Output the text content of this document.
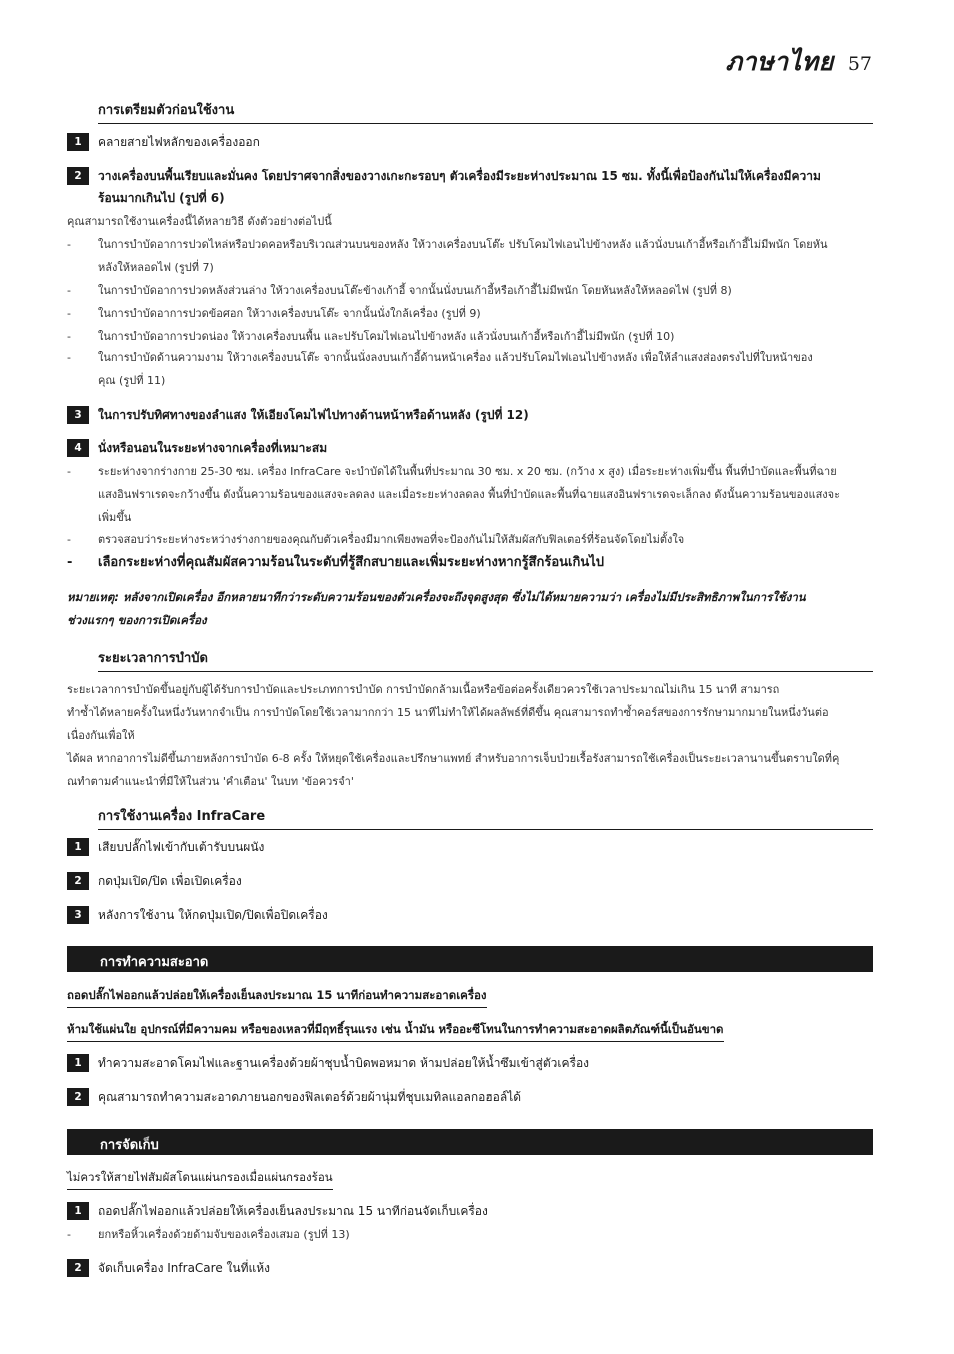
ภาษาไทย 57
การเตรียมตัวก่อนใช้งาน
1	คลายสายไฟหลักของเครื่องออก
2	วางเครื่องบนพื้นเรียบและมั่นคง โดยปราศจากสิ่งของวางเกะกะรอบๆ ตัวเครื่องมีระยะห่างประมาณ 15 ซม. ทั้งนี้เพื่อป้องกันไม่ให้เครื่องมีความ
ร้อนมากเกินไป (รูปที่ 6)
คุณสามารถใช้งานเครื่องนี้ได้หลายวิธี ดังตัวอย่างต่อไปนี้
-	ในการบำบัดอาการปวดไหล่หรือปวดคอหรือบริเวณส่วนบนของหลัง ให้วางเครื่องบนโต๊ะ ปรับโคมไฟเอนไปข้างหลัง แล้วนั่งบนเก้าอี้หรือเก้าอี้ไม่มีพนัก โดยหัน
หลังให้หลอดไฟ (รูปที่ 7)
-	ในการบำบัดอาการปวดหลังส่วนล่าง ให้วางเครื่องบนโต๊ะข้างเก้าอี้ จากนั้นนั่งบนเก้าอี้หรือเก้าอี้ไม่มีพนัก โดยหันหลังให้หลอดไฟ (รูปที่ 8)
-	ในการบำบัดอาการปวดข้อศอก ให้วางเครื่องบนโต๊ะ จากนั้นนั่งใกล้เครื่อง (รูปที่ 9)
-	ในการบำบัดอาการปวดน่อง ให้วางเครื่องบนพื้น และปรับโคมไฟเอนไปข้างหลัง แล้วนั่งบนเก้าอี้หรือเก้าอี้ไม่มีพนัก (รูปที่ 10)
-	ในการบำบัดด้านความงาม ให้วางเครื่องบนโต๊ะ จากนั้นนั่งลงบนเก้าอี้ด้านหน้าเครื่อง แล้วปรับโคมไฟเอนไปข้างหลัง เพื่อให้ลำแสงส่องตรงไปที่ใบหน้าของ
คุณ (รูปที่ 11)
3	ในการปรับทิศทางของลำแสง ให้เอียงโคมไฟไปทางด้านหน้าหรือด้านหลัง (รูปที่ 12)
4	นั่งหรือนอนในระยะห่างจากเครื่องที่เหมาะสม
-	ระยะห่างจากร่างกาย 25-30 ซม. เครื่อง InfraCare จะบำบัดได้ในพื้นที่ประมาณ 30 ซม. x 20 ซม. (กว้าง x สูง) เมื่อระยะห่างเพิ่มขึ้น พื้นที่บำบัดและพื้นที่ฉาย
แสงอินฟราเรดจะกว้างขึ้น ดังนั้นความร้อนของแสงจะลดลง และเมื่อระยะห่างลดลง พื้นที่บำบัดและพื้นที่ฉายแสงอินฟราเรดจะเล็กลง ดังนั้นความร้อนของแสงจะ
เพิ่มขึ้น
-	ตรวจสอบว่าระยะห่างระหว่างร่างกายของคุณกับตัวเครื่องมีมากเพียงพอที่จะป้องกันไม่ให้สัมผัสกับฟิลเตอร์ที่ร้อนจัดโดยไม่ตั้งใจ
-	เลือกระยะห่างที่คุณสัมผัสความร้อนในระดับที่รู้สึกสบายและเพิ่มระยะห่างหากรู้สึกร้อนเกินไป
หมายเหตุ: หลังจากเปิดเครื่อง อีกหลายนาทีกว่าระดับความร้อนของตัวเครื่องจะถึงจุดสูงสุด ซึ่งไม่ได้หมายความว่า เครื่องไม่มีประสิทธิภาพในการใช้งาน
ช่วงแรกๆ ของการเปิดเครื่อง
ระยะเวลาการบำบัด
ระยะเวลาการบำบัดขึ้นอยู่กับผู้ได้รับการบำบัดและประเภทการบำบัด การบำบัดกล้ามเนื้อหรือข้อต่อครั้งเดียวควรใช้เวลาประมาณไม่เกิน 15 นาที สามารถ
ทำซ้ำได้หลายครั้งในหนึ่งวันหากจำเป็น การบำบัดโดยใช้เวลามากกว่า 15 นาทีไม่ทำให้ได้ผลลัพธ์ที่ดีขึ้น คุณสามารถทำซ้ำคอร์สของการรักษามากมายในหนึ่งวันต่อ
เนื่องกันเพื่อให้
ได้ผล หากอาการไม่ดีขึ้นภายหลังการบำบัด 6-8 ครั้ง ให้หยุดใช้เครื่องและปรึกษาแพทย์ สำหรับอาการเจ็บป่วยเรื้อรังสามารถใช้เครื่องเป็นระยะเวลานานขึ้นตราบใดที่คุ
ณทำตามคำแนะนำที่มีให้ในส่วน 'คำเตือน' ในบท 'ข้อควรจำ'
การใช้งานเครื่อง InfraCare
1	เสียบปลั๊กไฟเข้ากับเต้ารับบนผนัง
2	กดปุ่มเปิด/ปิด เพื่อเปิดเครื่อง
3	หลังการใช้งาน ให้กดปุ่มเปิด/ปิดเพื่อปิดเครื่อง
การทำความสะอาด
ถอดปลั๊กไฟออกแล้วปล่อยให้เครื่องเย็นลงประมาณ 15 นาทีก่อนทำความสะอาดเครื่อง
ห้ามใช้แผ่นใย อุปกรณ์ที่มีความคม หรือของเหลวที่มีฤทธิ์รุนแรง เช่น น้ำมัน หรืออะซีโทนในการทำความสะอาดผลิตภัณฑ์นี้เป็นอันขาด
1	ทำความสะอาดโคมไฟและฐานเครื่องด้วยผ้าชุบน้ำบิดพอหมาด ห้ามปล่อยให้น้ำซึมเข้าสู่ตัวเครื่อง
2	คุณสามารถทำความสะอาดภายนอกของฟิลเตอร์ด้วยผ้านุ่มที่ชุบเมทิลแอลกอฮอล์ได้
การจัดเก็บ
ไม่ควรให้สายไฟสัมผัสโดนแผ่นกรองเมื่อแผ่นกรองร้อน
1	ถอดปลั๊กไฟออกแล้วปล่อยให้เครื่องเย็นลงประมาณ 15 นาทีก่อนจัดเก็บเครื่อง
-	ยกหรือหิ้วเครื่องด้วยด้ามจับของเครื่องเสมอ (รูปที่ 13)
2	จัดเก็บเครื่อง InfraCare ในที่แห้ง
